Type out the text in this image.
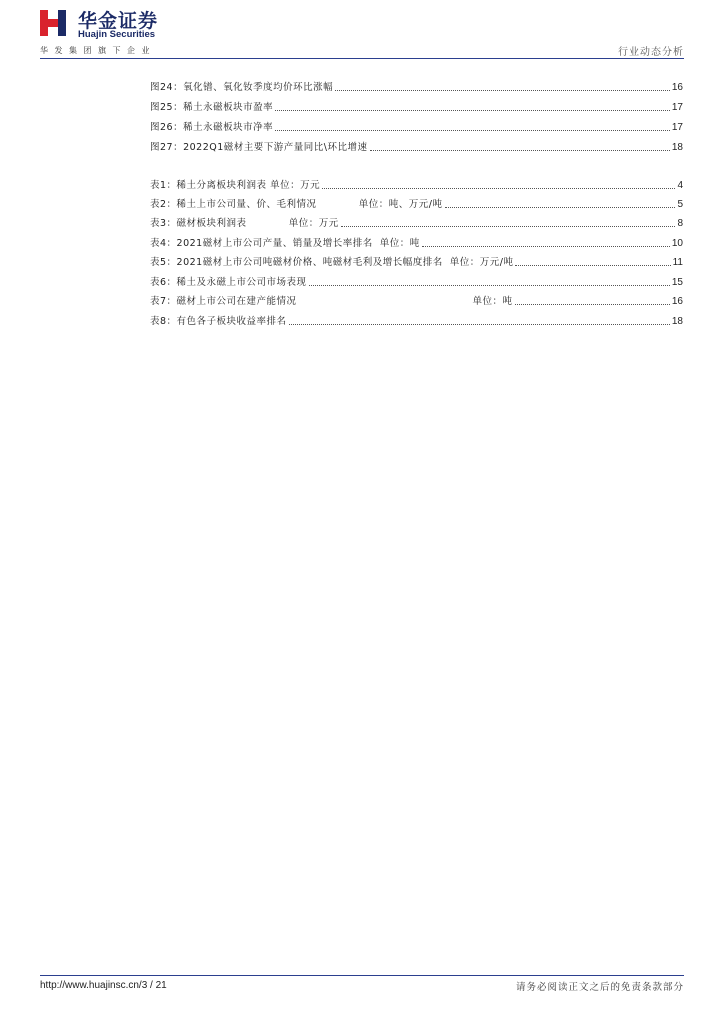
华金证券
Huajin Securities
华发集团旗下企业	行业动态分析
图24：氧化镨、氧化钕季度均价环比涨幅	16
图25：稀土永磁板块市盈率	17
图26：稀土永磁板块市净率	17
图27：2022Q1磁材主要下游产量同比\环比增速	18
表1：稀土分离板块利润表 单位：万元	4
表2：稀土上市公司量、价、毛利情况            单位：吨、万元/吨	5
表3：磁材板块利润表            单位：万元	8
表4：2021磁材上市公司产量、销量及增长率排名  单位：吨	10
表5：2021磁材上市公司吨磁材价格、吨磁材毛利及增长幅度排名  单位：万元/吨	11
表6：稀土及永磁上市公司市场表现	15
表7：磁材上市公司在建产能情况                                                  单位：吨	16
表8：有色各子板块收益率排名	18
http://www.huajinsc.cn/3 / 21	请务必阅读正文之后的免责条款部分
